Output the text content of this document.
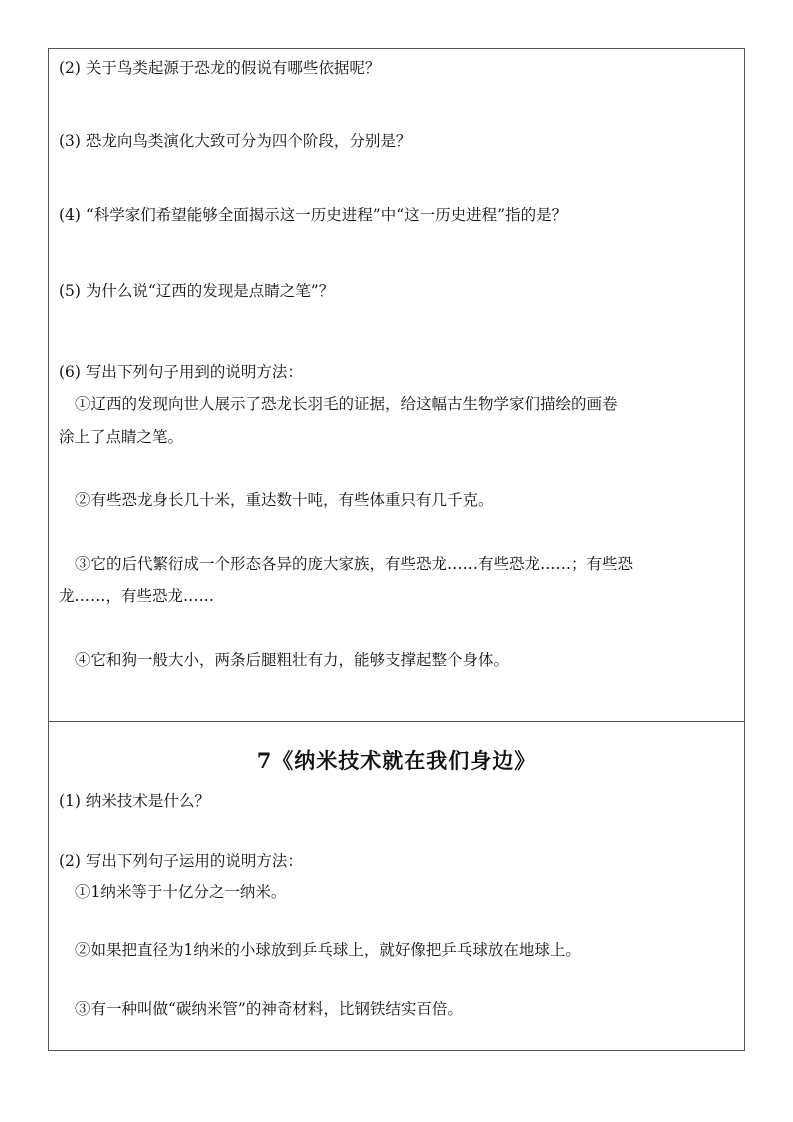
(2) 关于鸟类起源于恐龙的假说有哪些依据呢？
(3) 恐龙向鸟类演化大致可分为四个阶段，分别是？
(4) “科学家们希望能够全面揭示这一历史进程”中“这一历史进程”指的是？
(5) 为什么说“辽西的发现是点睛之笔”？
(6) 写出下列句子用到的说明方法：
①辽西的发现向世人展示了恐龙长羽毛的证据，给这幅古生物学家们描绘的画卷
涂上了点睛之笔。
②有些恐龙身长几十米，重达数十吨，有些体重只有几千克。
③它的后代繁衍成一个形态各异的庞大家族，有些恐龙……有些恐龙……；有些恐
龙……，有些恐龙……
④它和狗一般大小，两条后腿粗壮有力，能够支撑起整个身体。
7《纳米技术就在我们身边》
(1) 纳米技术是什么？
(2) 写出下列句子运用的说明方法：
①1纳米等于十亿分之一纳米。
②如果把直径为1纳米的小球放到乒乓球上，就好像把乒乓球放在地球上。
③有一种叫做“碳纳米管”的神奇材料，比钢铁结实百倍。
